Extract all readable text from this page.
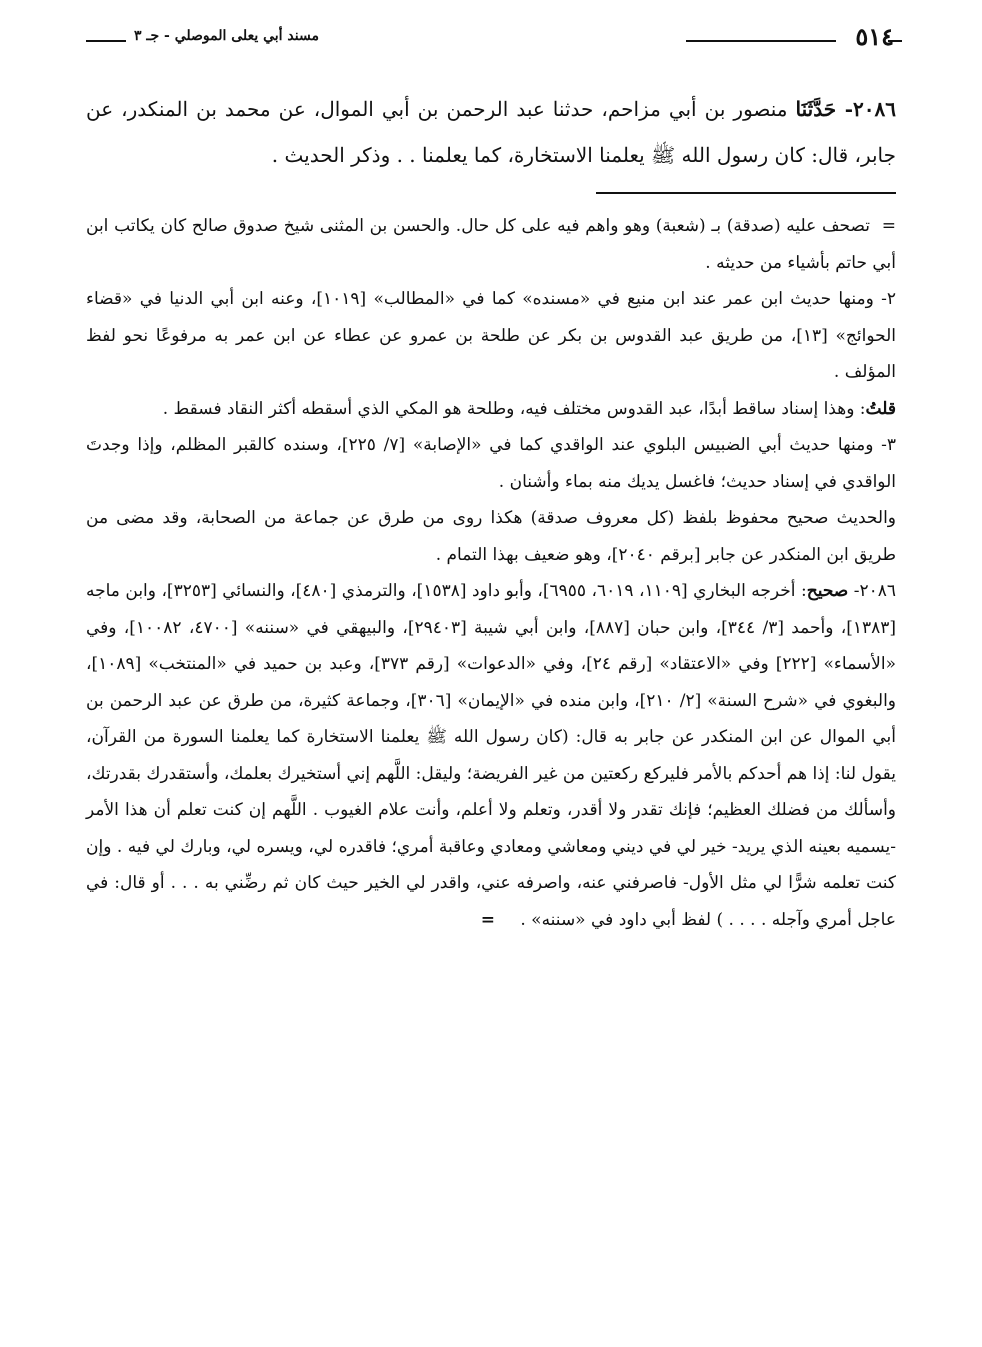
٥١٤
مسند أبي يعلى الموصلي - جـ ٣
٢٠٨٦- حَدَّثَنَا منصور بن أبي مزاحم، حدثنا عبد الرحمن بن أبي الموال، عن محمد بن المنكدر، عن جابر، قال: كان رسول الله ﷺ يعلمنا الاستخارة، كما يعلمنا . . وذكر الحديث .

=تصحف عليه (صدقة) بـ (شعبة) وهو واهم فيه على كل حال. والحسن بن المثنى شيخ صدوق صالح كان يكاتب ابن أبي حاتم بأشياء من حديثه .

٢- ومنها حديث ابن عمر عند ابن منيع في «مسنده» كما في «المطالب» [١٠١٩]، وعنه ابن أبي الدنيا في «قضاء الحوائج» [١٣]، من طريق عبد القدوس بن بكر عن طلحة بن عمرو عن عطاء عن ابن عمر به مرفوعًا نحو لفظ المؤلف .

قلتُ: وهذا إسناد ساقط أبدًا، عبد القدوس مختلف فيه، وطلحة هو المكي الذي أسقطه أكثر النقاد فسقط .

٣- ومنها حديث أبي الضبيس البلوي عند الواقدي كما في «الإصابة» [٧/ ٢٢٥]، وسنده كالقبر المظلم، وإذا وجدتَ الواقدي في إسناد حديث؛ فاغسل يديك منه بماء وأشنان .

والحديث صحيح محفوظ بلفظ (كل معروف صدقة) هكذا روى من طرق عن جماعة من الصحابة، وقد مضى من طريق ابن المنكدر عن جابر [برقم ٢٠٤٠]، وهو ضعيف بهذا التمام .

٢٠٨٦- صحيح: أخرجه البخاري [١١٠٩، ٦٠١٩، ٦٩٥٥]، وأبو داود [١٥٣٨]، والترمذي [٤٨٠]، والنسائي [٣٢٥٣]، وابن ماجه [١٣٨٣]، وأحمد [٣/ ٣٤٤]، وابن حبان [٨٨٧]، وابن أبي شيبة [٢٩٤٠٣]، والبيهقي في «سننه» [٤٧٠٠، ١٠٠٨٢]، وفي «الأسماء» [٢٢٢] وفي «الاعتقاد» [رقم ٢٤]، وفي «الدعوات» [رقم ٣٧٣]، وعبد بن حميد في «المنتخب» [١٠٨٩]، والبغوي في «شرح السنة» [٢/ ٢١٠]، وابن منده في «الإيمان» [٣٠٦]، وجماعة كثيرة، من طرق عن عبد الرحمن بن أبي الموال عن ابن المنكدر عن جابر به قال: (كان رسول الله ﷺ يعلمنا الاستخارة كما يعلمنا السورة من القرآن، يقول لنا: إذا هم أحدكم بالأمر فليركع ركعتين من غير الفريضة؛ وليقل: اللَّهم إني أستخيرك بعلمك، وأستقدرك بقدرتك، وأسألك من فضلك العظيم؛ فإنك تقدر ولا أقدر، وتعلم ولا أعلم، وأنت علام الغيوب . اللَّهم إن كنت تعلم أن هذا الأمر -يسميه بعينه الذي يريد- خير لي في ديني ومعاشي ومعادي وعاقبة أمري؛ فاقدره لي، ويسره لي، وبارك لي فيه . وإن كنت تعلمه شرًّا لي مثل الأول- فاصرفني عنه، واصرفه عني، واقدر لي الخير حيث كان ثم رضِّني به . . . أو قال: في عاجل أمري وآجله . . . . ) لفظ أبي داود في «سننه» . =
